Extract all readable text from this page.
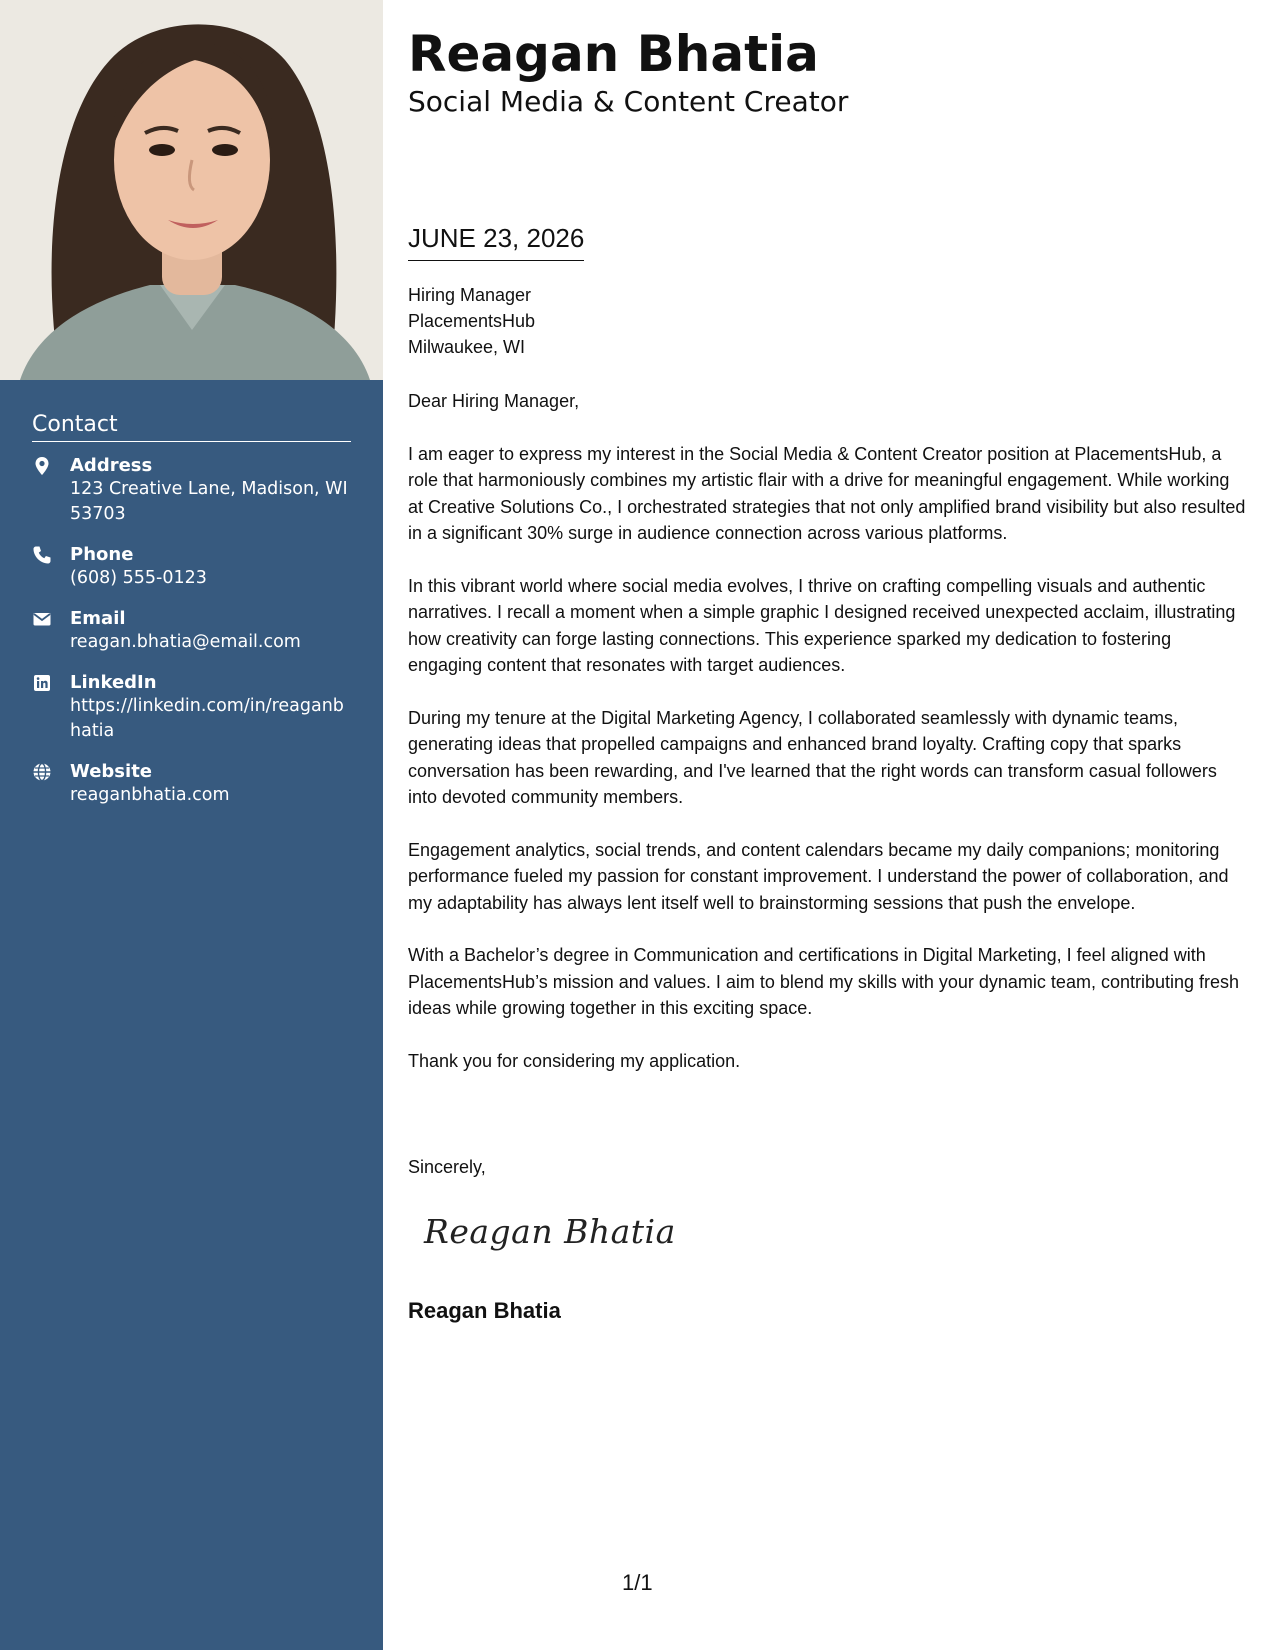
Contact
Address
123 Creative Lane, Madison, WI 53703
Phone
(608) 555-0123
Email
reagan.bhatia@email.com
LinkedIn
https://linkedin.com/in/reaganbhatia
Website
reaganbhatia.com
Reagan Bhatia
Social Media & Content Creator
JUNE 23, 2026
Hiring Manager
PlacementsHub
Milwaukee, WI

Dear Hiring Manager,

I am eager to express my interest in the Social Media & Content Creator position at PlacementsHub, a role that harmoniously combines my artistic flair with a drive for meaningful engagement. While working at Creative Solutions Co., I orchestrated strategies that not only amplified brand visibility but also resulted in a significant 30% surge in audience connection across various platforms.

In this vibrant world where social media evolves, I thrive on crafting compelling visuals and authentic narratives. I recall a moment when a simple graphic I designed received unexpected acclaim, illustrating how creativity can forge lasting connections. This experience sparked my dedication to fostering engaging content that resonates with target audiences.

During my tenure at the Digital Marketing Agency, I collaborated seamlessly with dynamic teams, generating ideas that propelled campaigns and enhanced brand loyalty. Crafting copy that sparks conversation has been rewarding, and I've learned that the right words can transform casual followers into devoted community members.

Engagement analytics, social trends, and content calendars became my daily companions; monitoring performance fueled my passion for constant improvement. I understand the power of collaboration, and my adaptability has always lent itself well to brainstorming sessions that push the envelope.

With a Bachelor’s degree in Communication and certifications in Digital Marketing, I feel aligned with PlacementsHub’s mission and values. I aim to blend my skills with your dynamic team, contributing fresh ideas while growing together in this exciting space.

Thank you for considering my application.

Sincerely,
Reagan Bhatia
Reagan Bhatia
1/1
